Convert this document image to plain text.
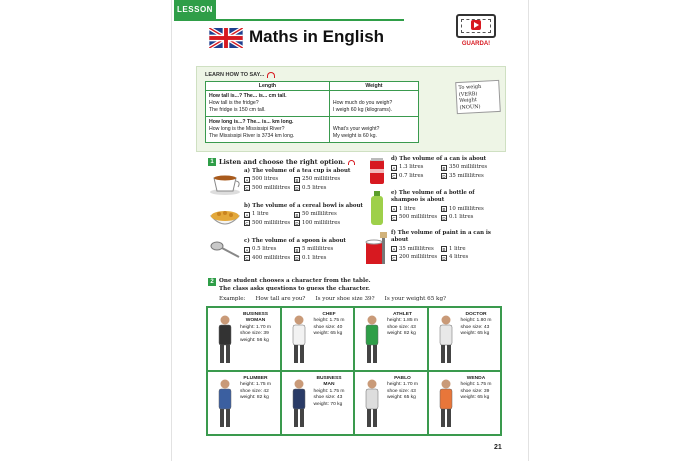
LESSON
Maths in English	GUARDA!
LEARN HOW TO SAY...
Length	Weight

How tall is...? The... is... cm tall.
How tall is the fridge?
The fridge is 150 cm tall.	How much do you weigh?
I weigh 60 kg (kilograms).

How long is...? The... is... km long.
How long is the Mississipi River?
The Mississipi River is 3734 km long.	What's your weight?
My weight is 60 kg.
To weigh (VERB)
Weight (NOUN)
1 Listen and choose the right option.
a) The volume of a tea cup is about
A 500 litres	B 250 millilitres
C 500 millilitres	D 0.5 litres
b) The volume of a cereal bowl is about
A 1 litre	B 50 millilitres
C 500 millilitres	D 100 millilitres
c) The volume of a spoon is about
A 0.5 litres	B 5 millilitres
C 400 millilitres	D 0.1 litres
d) The volume of a can is about
A 1.3 litres	B 350 millilitres
C 0.7 litres	D 35 millilitres
e) The volume of a bottle of shampoo is about
A 1 litre	B 10 millilitres
C 500 millilitres	D 0.1 litres
f) The volume of paint in a can is about
A 35 millilitres	B 1 litre
C 200 millilitres	D 4 litres
2 One student chooses a character from the table.
The class asks questions to guess the character.
Example: How tall are you? Is your shoe size 39? Is your weight 65 kg?
BUSINESS
WOMAN
height: 1.70 m
shoe size: 39
weight: 56 kg
CHEF
height: 1.75 m
shoe size: 40
weight: 65 kg
ATHLET
height: 1.85 m
shoe size: 43
weight: 82 kg
DOCTOR
height: 1.80 m
shoe size: 43
weight: 65 kg
PLUMBER
height: 1.75 m
shoe size: 42
weight: 82 kg
BUSINESS
MAN
height: 1.75 m
shoe size: 43
weight: 70 kg
PABLO
height: 1.70 m
shoe size: 43
weight: 65 kg
WENDA
height: 1.75 m
shoe size: 39
weight: 65 kg
21
